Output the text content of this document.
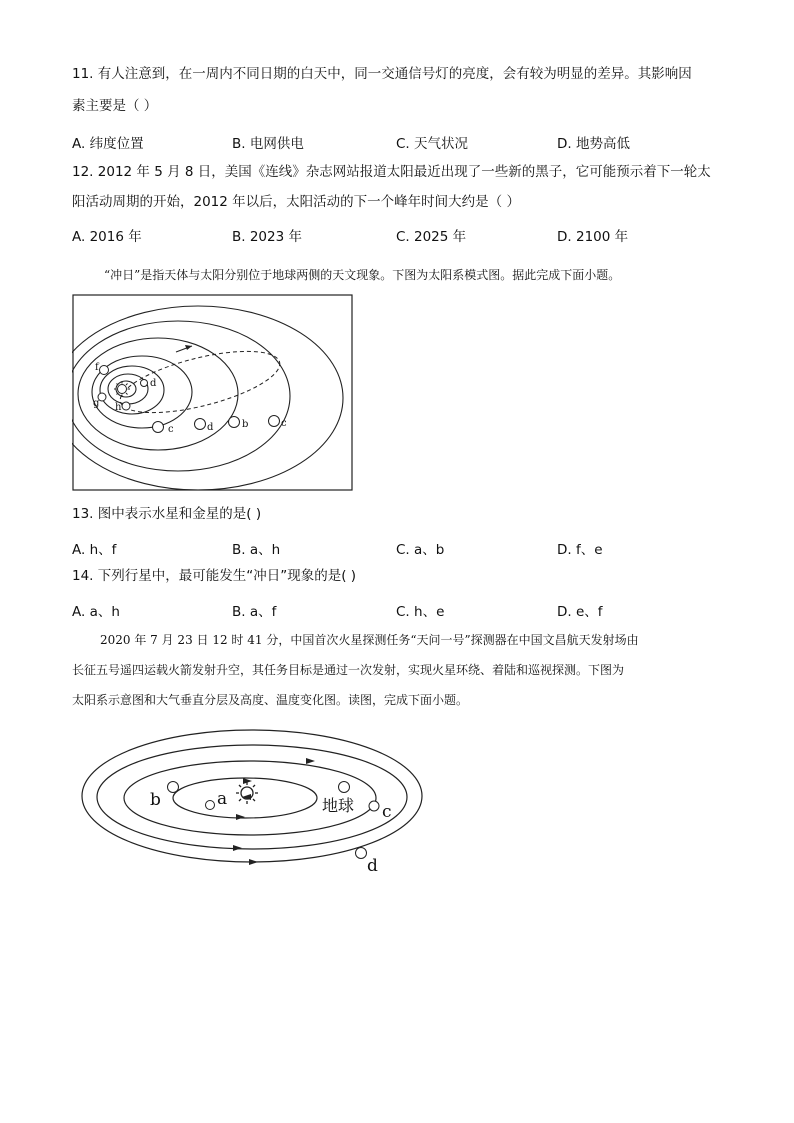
11. 有人注意到，在一周内不同日期的白天中，同一交通信号灯的亮度，会有较为明显的差异。其影响因
素主要是（ ）
A. 纬度位置	B. 电网供电	C. 天气状况	D. 地势高低
12. 2012 年 5 月 8 日，美国《连线》杂志网站报道太阳最近出现了一些新的黑子，它可能预示着下一轮太
阳活动周期的开始，2012 年以后，太阳活动的下一个峰年时间大约是（ ）
A. 2016 年	B. 2023 年	C. 2025 年	D. 2100 年
“冲日”是指天体与太阳分别位于地球两侧的天文现象。下图为太阳系模式图。据此完成下面小题。
f
d
g h
c	d	b	c
13. 图中表示水星和金星的是( )
A. h、f	B. a、h	C. a、b	D. f、e
14. 下列行星中，最可能发生“冲日”现象的是( )
A. a、h	B. a、f	C. h、e	D. e、f
2020 年 7 月 23 日 12 时 41 分，中国首次火星探测任务“天问一号”探测器在中国文昌航天发射场由
长征五号遥四运载火箭发射升空，其任务目标是通过一次发射，实现火星环绕、着陆和巡视探测。下图为
太阳系示意图和大气垂直分层及高度、温度变化图。读图，完成下面小题。
b	a	地球 c
d
